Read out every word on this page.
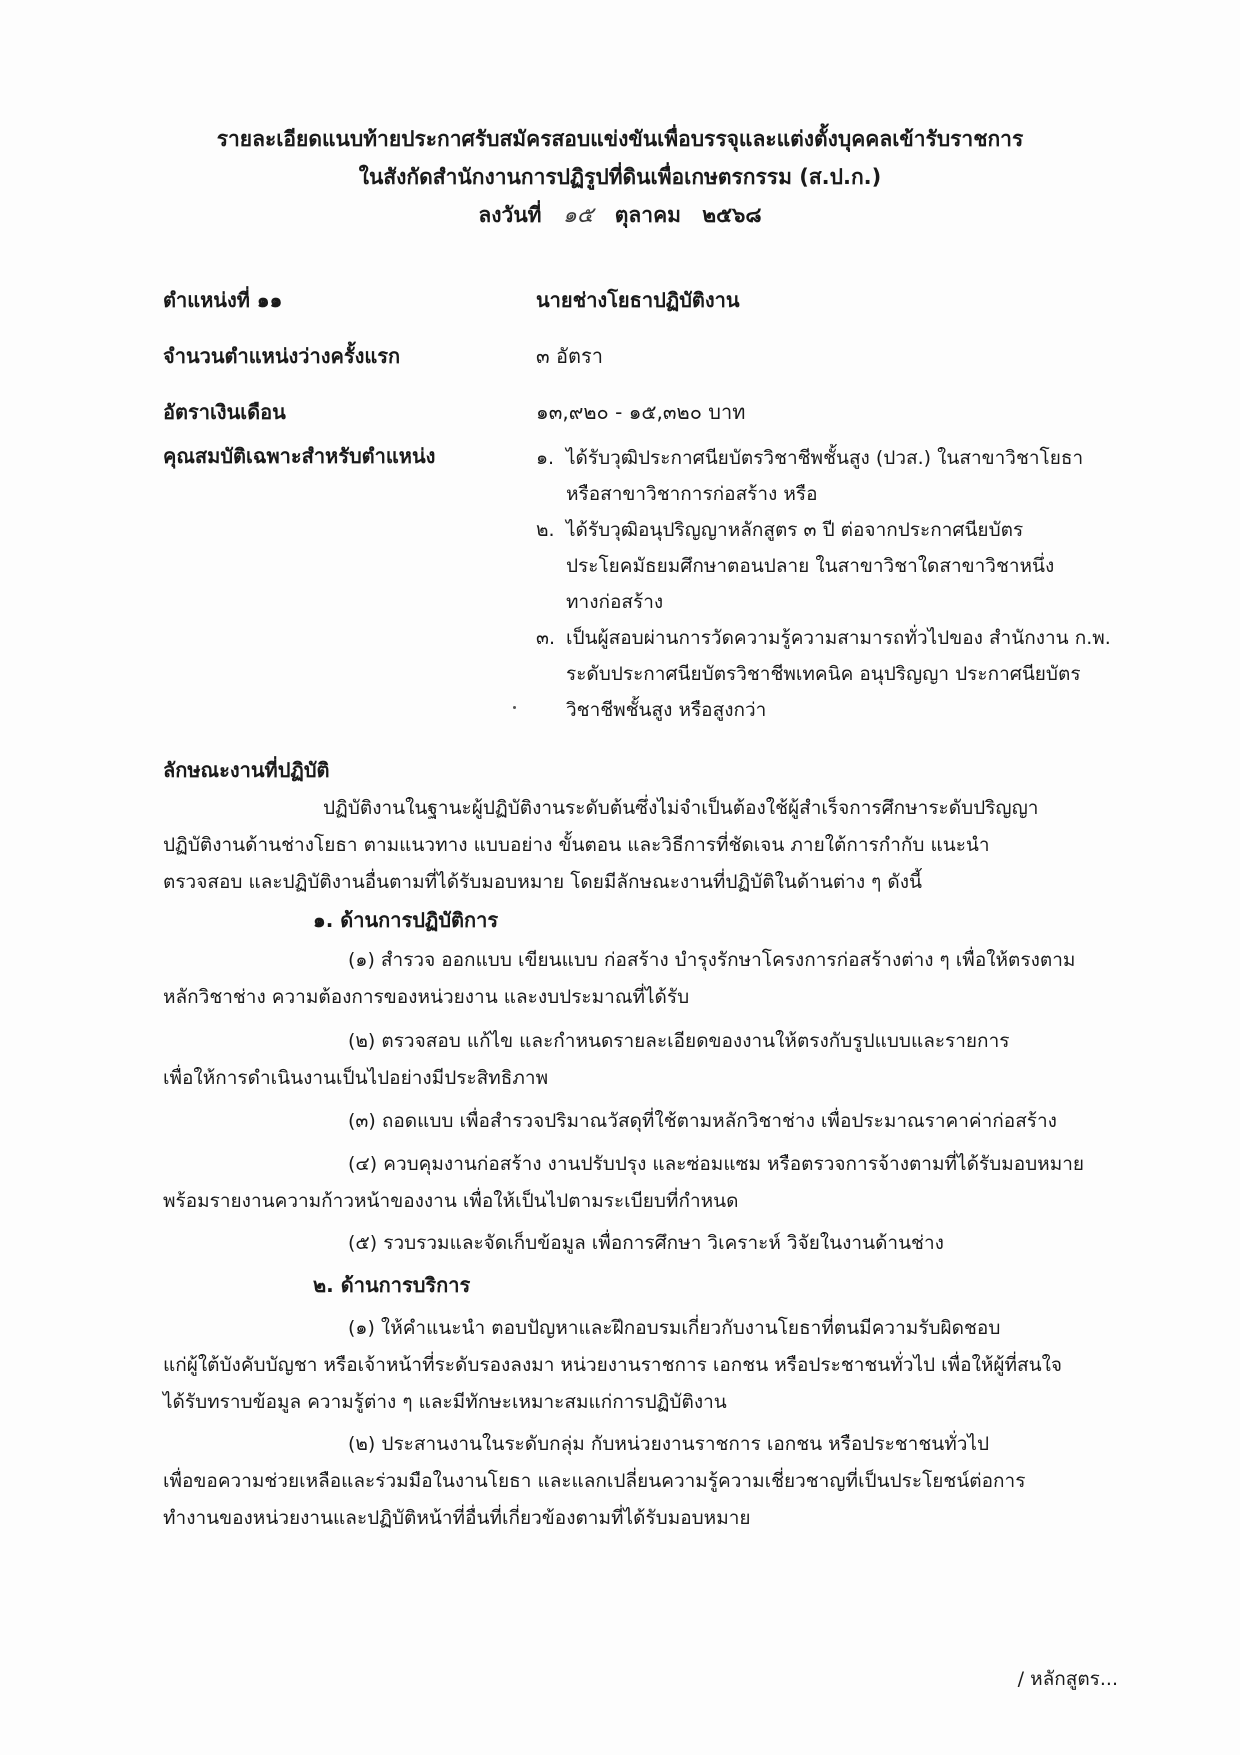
รายละเอียดแนบท้ายประกาศรับสมัครสอบแข่งขันเพื่อบรรจุและแต่งตั้งบุคคลเข้ารับราชการ
ในสังกัดสำนักงานการปฏิรูปที่ดินเพื่อเกษตรกรรม (ส.ป.ก.)
ลงวันที่ ๑๕ ตุลาคม ๒๕๖๘
ตำแหน่งที่ ๑๑	นายช่างโยธาปฏิบัติงาน
จำนวนตำแหน่งว่างครั้งแรก	๓ อัตรา
อัตราเงินเดือน	๑๓,๙๒๐ - ๑๕,๓๒๐ บาท
คุณสมบัติเฉพาะสำหรับตำแหน่ง	๑. ได้รับวุฒิประกาศนียบัตรวิชาชีพชั้นสูง (ปวส.) ในสาขาวิชาโยธา
หรือสาขาวิชาการก่อสร้าง หรือ
๒. ได้รับวุฒิอนุปริญญาหลักสูตร ๓ ปี ต่อจากประกาศนียบัตร
ประโยคมัธยมศึกษาตอนปลาย ในสาขาวิชาใดสาขาวิชาหนึ่ง
ทางก่อสร้าง
๓. เป็นผู้สอบผ่านการวัดความรู้ความสามารถทั่วไปของ สำนักงาน ก.พ.
ระดับประกาศนียบัตรวิชาชีพเทคนิค อนุปริญญา ประกาศนียบัตร
วิชาชีพชั้นสูง หรือสูงกว่า
ลักษณะงานที่ปฏิบัติ
ปฏิบัติงานในฐานะผู้ปฏิบัติงานระดับต้นซึ่งไม่จำเป็นต้องใช้ผู้สำเร็จการศึกษาระดับปริญญา
ปฏิบัติงานด้านช่างโยธา ตามแนวทาง แบบอย่าง ขั้นตอน และวิธีการที่ชัดเจน ภายใต้การกำกับ แนะนำ
ตรวจสอบ และปฏิบัติงานอื่นตามที่ได้รับมอบหมาย โดยมีลักษณะงานที่ปฏิบัติในด้านต่าง ๆ ดังนี้
๑. ด้านการปฏิบัติการ
(๑) สำรวจ ออกแบบ เขียนแบบ ก่อสร้าง บำรุงรักษาโครงการก่อสร้างต่าง ๆ เพื่อให้ตรงตาม
หลักวิชาช่าง ความต้องการของหน่วยงาน และงบประมาณที่ได้รับ
(๒) ตรวจสอบ แก้ไข และกำหนดรายละเอียดของงานให้ตรงกับรูปแบบและรายการ
เพื่อให้การดำเนินงานเป็นไปอย่างมีประสิทธิภาพ
(๓) ถอดแบบ เพื่อสำรวจปริมาณวัสดุที่ใช้ตามหลักวิชาช่าง เพื่อประมาณราคาค่าก่อสร้าง
(๔) ควบคุมงานก่อสร้าง งานปรับปรุง และซ่อมแซม หรือตรวจการจ้างตามที่ได้รับมอบหมาย
พร้อมรายงานความก้าวหน้าของงาน เพื่อให้เป็นไปตามระเบียบที่กำหนด
(๕) รวบรวมและจัดเก็บข้อมูล เพื่อการศึกษา วิเคราะห์ วิจัยในงานด้านช่าง
๒. ด้านการบริการ
(๑) ให้คำแนะนำ ตอบปัญหาและฝึกอบรมเกี่ยวกับงานโยธาที่ตนมีความรับผิดชอบ
แก่ผู้ใต้บังคับบัญชา หรือเจ้าหน้าที่ระดับรองลงมา หน่วยงานราชการ เอกชน หรือประชาชนทั่วไป เพื่อให้ผู้ที่สนใจ
ได้รับทราบข้อมูล ความรู้ต่าง ๆ และมีทักษะเหมาะสมแก่การปฏิบัติงาน
(๒) ประสานงานในระดับกลุ่ม กับหน่วยงานราชการ เอกชน หรือประชาชนทั่วไป
เพื่อขอความช่วยเหลือและร่วมมือในงานโยธา และแลกเปลี่ยนความรู้ความเชี่ยวชาญที่เป็นประโยชน์ต่อการ
ทำงานของหน่วยงานและปฏิบัติหน้าที่อื่นที่เกี่ยวข้องตามที่ได้รับมอบหมาย
/ หลักสูตร...
